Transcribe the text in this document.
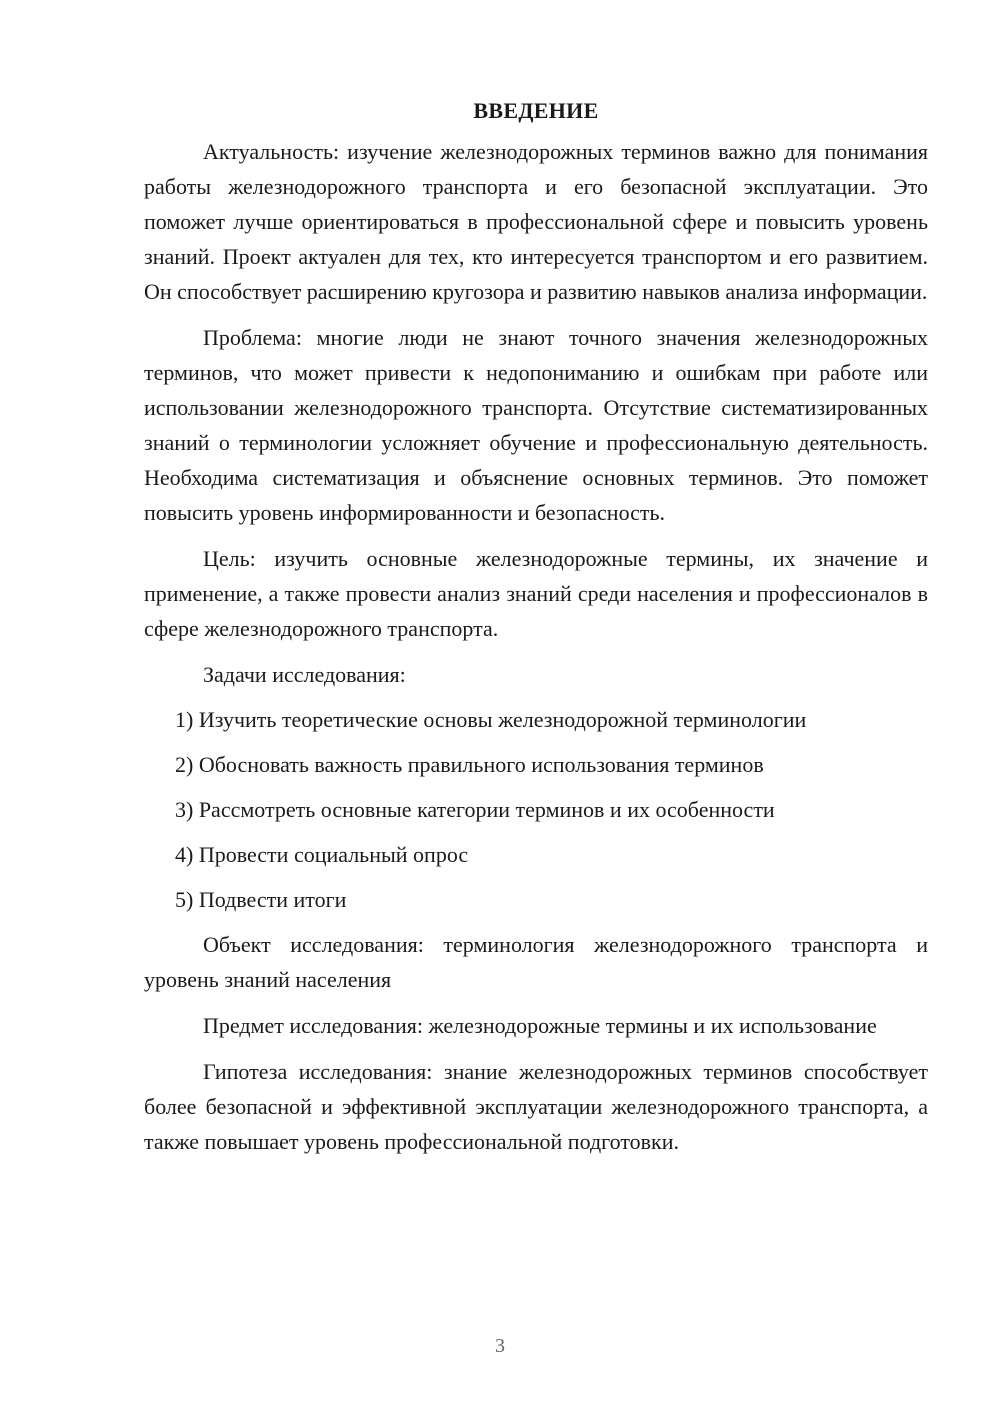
ВВЕДЕНИЕ

Актуальность: изучение железнодорожных терминов важно для понимания работы железнодорожного транспорта и его безопасной эксплуатации. Это поможет лучше ориентироваться в профессиональной сфере и повысить уровень знаний. Проект актуален для тех, кто интересуется транспортом и его развитием. Он способствует расширению кругозора и развитию навыков анализа информации.

Проблема: многие люди не знают точного значения железнодорожных терминов, что может привести к недопониманию и ошибкам при работе или использовании железнодорожного транспорта. Отсутствие систематизированных знаний о терминологии усложняет обучение и профессиональную деятельность. Необходима систематизация и объяснение основных терминов. Это поможет повысить уровень информированности и безопасность.

Цель: изучить основные железнодорожные термины, их значение и применение, а также провести анализ знаний среди населения и профессионалов в сфере железнодорожного транспорта.

Задачи исследования:

1) Изучить теоретические основы железнодорожной терминологии
2) Обосновать важность правильного использования терминов
3) Рассмотреть основные категории терминов и их особенности
4) Провести социальный опрос
5) Подвести итоги

Объект исследования: терминология железнодорожного транспорта и уровень знаний населения

Предмет исследования: железнодорожные термины и их использование

Гипотеза исследования: знание железнодорожных терминов способствует более безопасной и эффективной эксплуатации железнодорожного транспорта, а также повышает уровень профессиональной подготовки.

3
